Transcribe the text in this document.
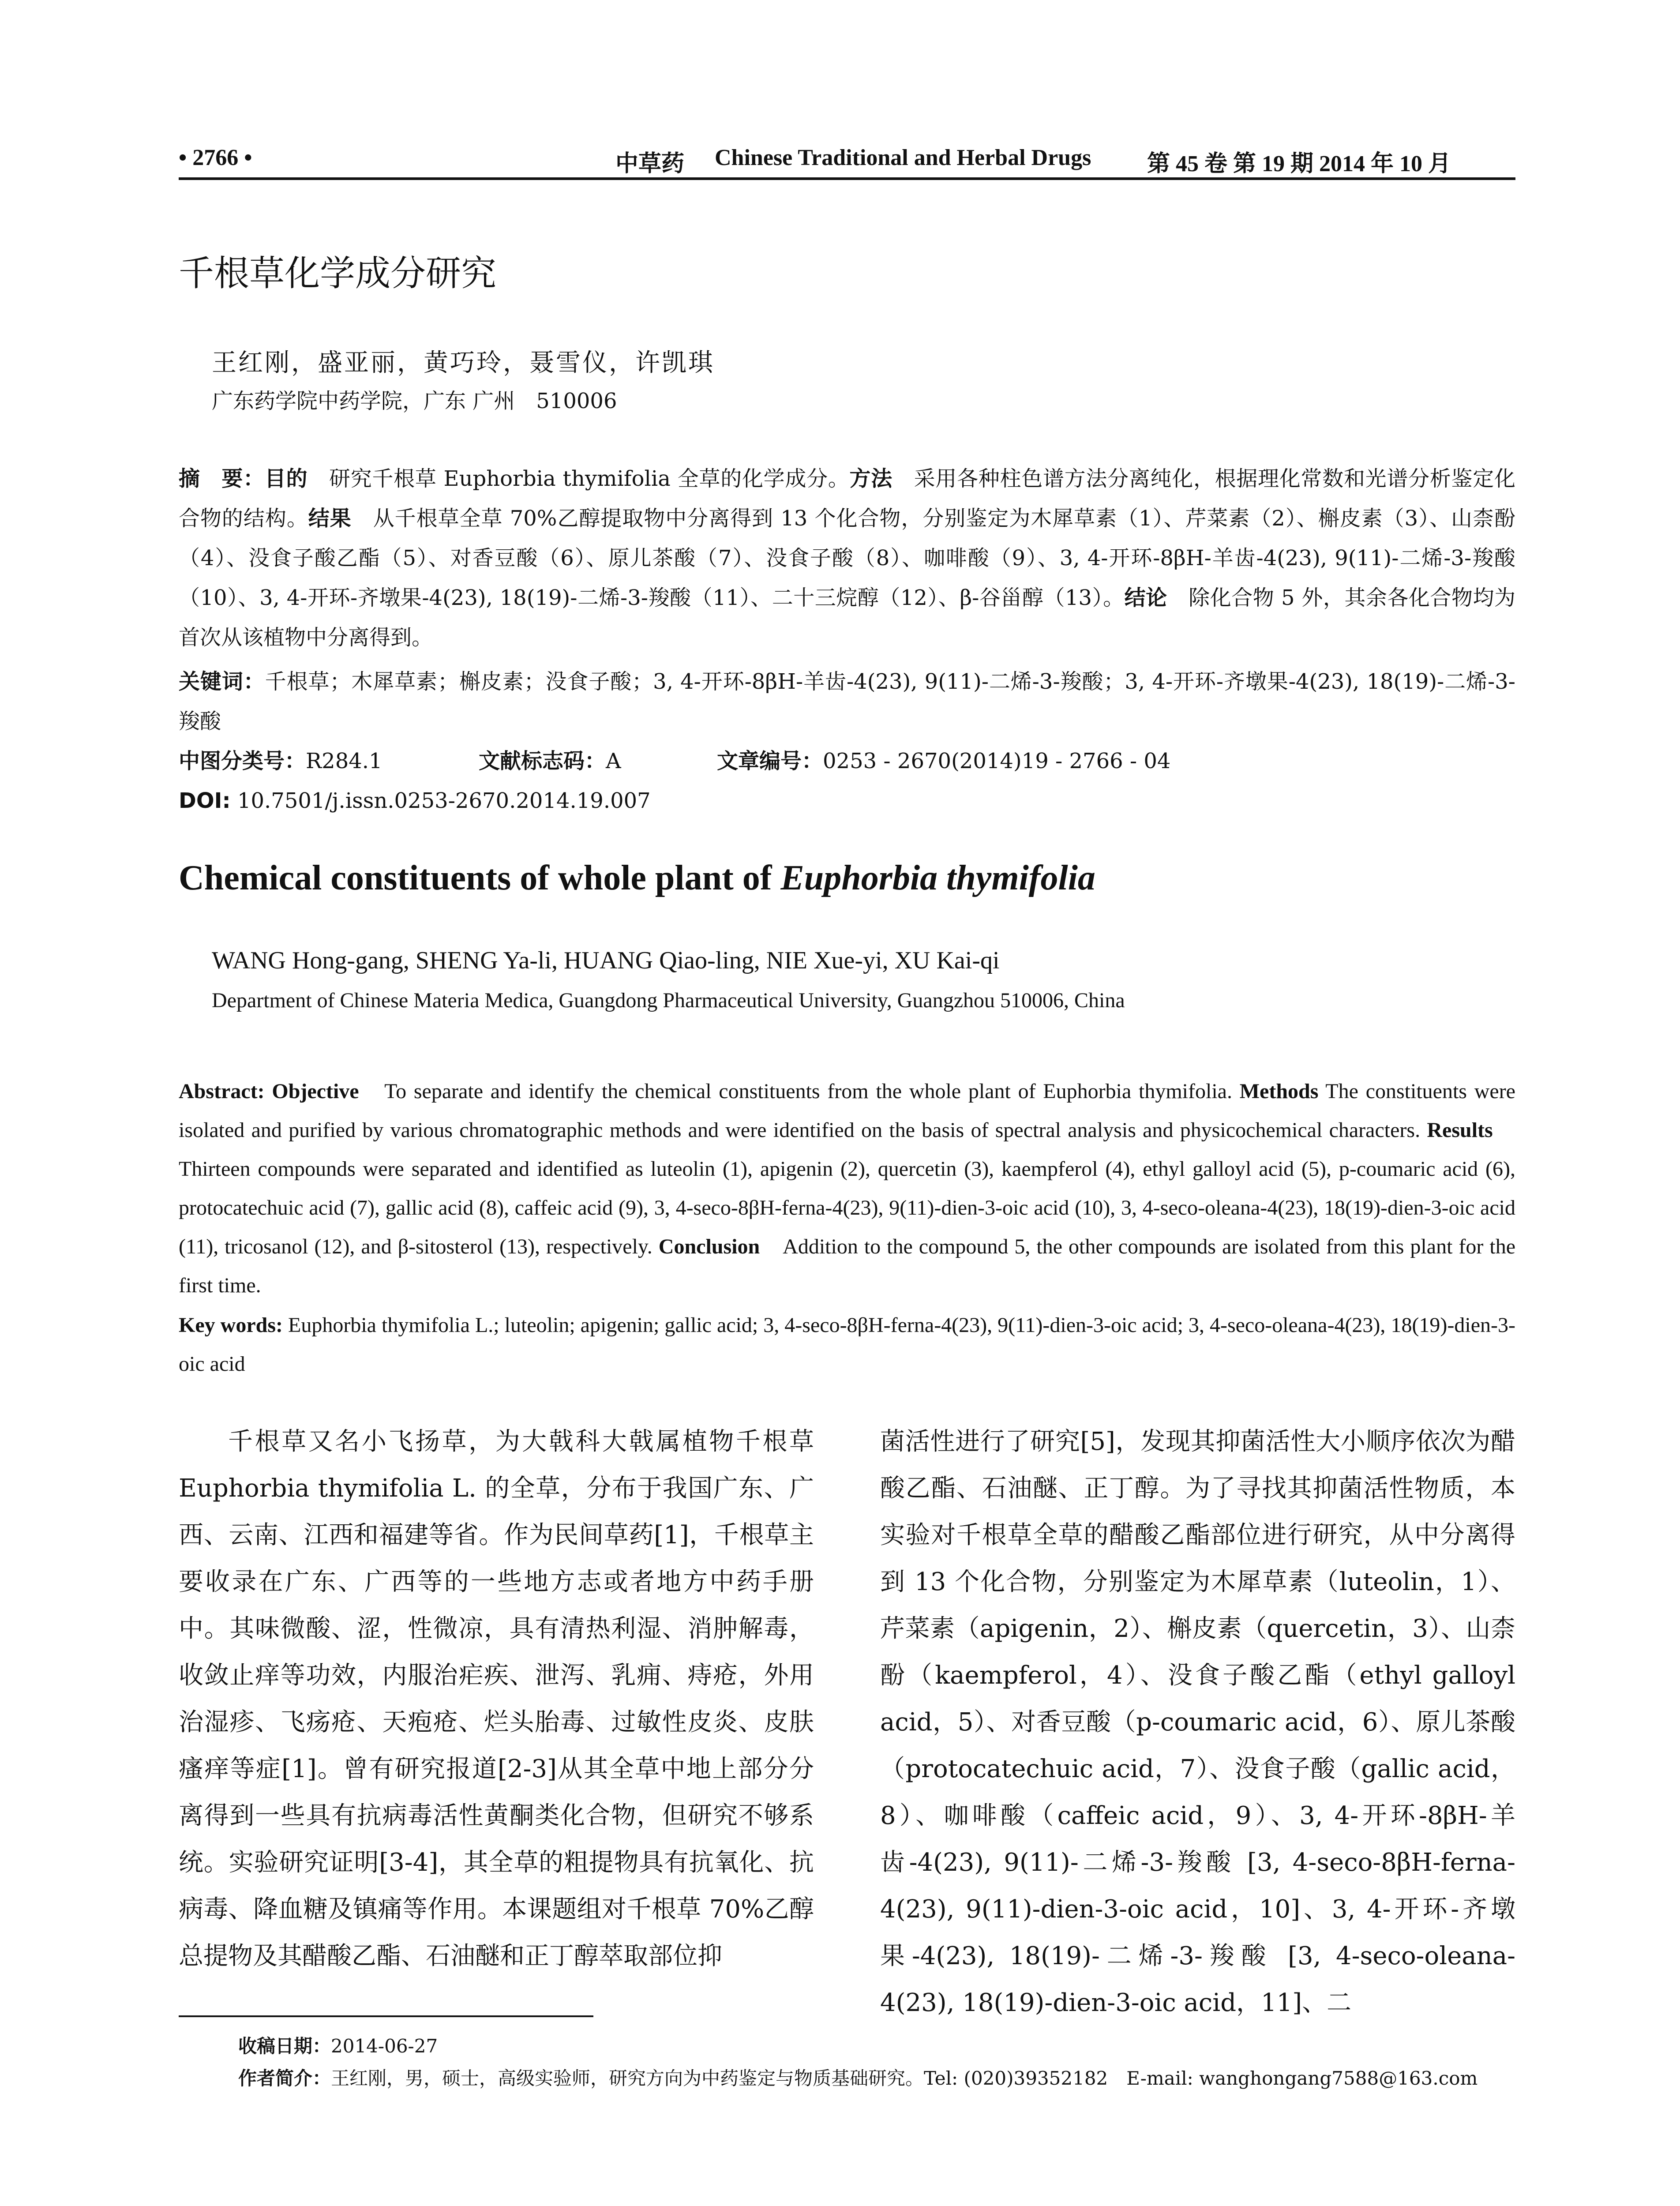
• 2766 •	中草药 Chinese Traditional and Herbal Drugs 第 45 卷 第 19 期 2014 年 10 月
千根草化学成分研究
王红刚，盛亚丽，黄巧玲，聂雪仪，许凯琪
广东药学院中药学院，广东 广州　510006
摘　要：目的　研究千根草 Euphorbia thymifolia 全草的化学成分。方法　采用各种柱色谱方法分离纯化，根据理化常数和光谱分析鉴定化合物的结构。结果　从千根草全草 70%乙醇提取物中分离得到 13 个化合物，分别鉴定为木犀草素（1）、芹菜素（2）、槲皮素（3）、山柰酚（4）、没食子酸乙酯（5）、对香豆酸（6）、原儿茶酸（7）、没食子酸（8）、咖啡酸（9）、3, 4-开环-8βH-羊齿-4(23), 9(11)-二烯-3-羧酸（10）、3, 4-开环-齐墩果-4(23), 18(19)-二烯-3-羧酸（11）、二十三烷醇（12）、β-谷甾醇（13）。结论　除化合物 5 外，其余各化合物均为首次从该植物中分离得到。
关键词：千根草；木犀草素；槲皮素；没食子酸；3, 4-开环-8βH-羊齿-4(23), 9(11)-二烯-3-羧酸；3, 4-开环-齐墩果-4(23), 18(19)-二烯-3-羧酸
中图分类号：R284.1	文献标志码：A	文章编号：0253 - 2670(2014)19 - 2766 - 04
DOI: 10.7501/j.issn.0253-2670.2014.19.007
Chemical constituents of whole plant of Euphorbia thymifolia
WANG Hong-gang, SHENG Ya-li, HUANG Qiao-ling, NIE Xue-yi, XU Kai-qi
Department of Chinese Materia Medica, Guangdong Pharmaceutical University, Guangzhou 510006, China
Abstract: Objective　To separate and identify the chemical constituents from the whole plant of Euphorbia thymifolia. Methods The constituents were isolated and purified by various chromatographic methods and were identified on the basis of spectral analysis and physicochemical characters. Results　Thirteen compounds were separated and identified as luteolin (1), apigenin (2), quercetin (3), kaempferol (4), ethyl galloyl acid (5), p-coumaric acid (6), protocatechuic acid (7), gallic acid (8), caffeic acid (9), 3, 4-seco-8βH-ferna-4(23), 9(11)-dien-3-oic acid (10), 3, 4-seco-oleana-4(23), 18(19)-dien-3-oic acid (11), tricosanol (12), and β-sitosterol (13), respectively. Conclusion　Addition to the compound 5, the other compounds are isolated from this plant for the first time.
Key words: Euphorbia thymifolia L.; luteolin; apigenin; gallic acid; 3, 4-seco-8βH-ferna-4(23), 9(11)-dien-3-oic acid; 3, 4-seco-oleana-4(23), 18(19)-dien-3-oic acid
千根草又名小飞扬草，为大戟科大戟属植物千根草 Euphorbia thymifolia L. 的全草，分布于我国广东、广西、云南、江西和福建等省。作为民间草药[1]，千根草主要收录在广东、广西等的一些地方志或者地方中药手册中。其味微酸、涩，性微凉，具有清热利湿、消肿解毒，收敛止痒等功效，内服治疟疾、泄泻、乳痈、痔疮，外用治湿疹、飞疡疮、天疱疮、烂头胎毒、过敏性皮炎、皮肤瘙痒等症[1]。曾有研究报道[2-3]从其全草中地上部分分离得到一些具有抗病毒活性黄酮类化合物，但研究不够系统。实验研究证明[3-4]，其全草的粗提物具有抗氧化、抗病毒、降血糖及镇痛等作用。本课题组对千根草 70%乙醇总提物及其醋酸乙酯、石油醚和正丁醇萃取部位抑
菌活性进行了研究[5]，发现其抑菌活性大小顺序依次为醋酸乙酯、石油醚、正丁醇。为了寻找其抑菌活性物质，本实验对千根草全草的醋酸乙酯部位进行研究，从中分离得到 13 个化合物，分别鉴定为木犀草素（luteolin，1）、芹菜素（apigenin，2）、槲皮素（quercetin，3）、山柰酚（kaempferol，4）、没食子酸乙酯（ethyl galloyl acid，5）、对香豆酸（p-coumaric acid，6）、原儿茶酸（protocatechuic acid，7）、没食子酸（gallic acid，8）、咖啡酸（caffeic acid，9）、3, 4-开环-8βH-羊齿-4(23), 9(11)-二烯-3-羧酸 [3, 4-seco-8βH-ferna-4(23), 9(11)-dien-3-oic acid，10]、3, 4-开环-齐墩果-4(23), 18(19)-二烯-3-羧酸 [3, 4-seco-oleana-4(23), 18(19)-dien-3-oic acid，11]、二
收稿日期：2014-06-27
作者简介：王红刚，男，硕士，高级实验师，研究方向为中药鉴定与物质基础研究。Tel: (020)39352182　E-mail: wanghongang7588@163.com
